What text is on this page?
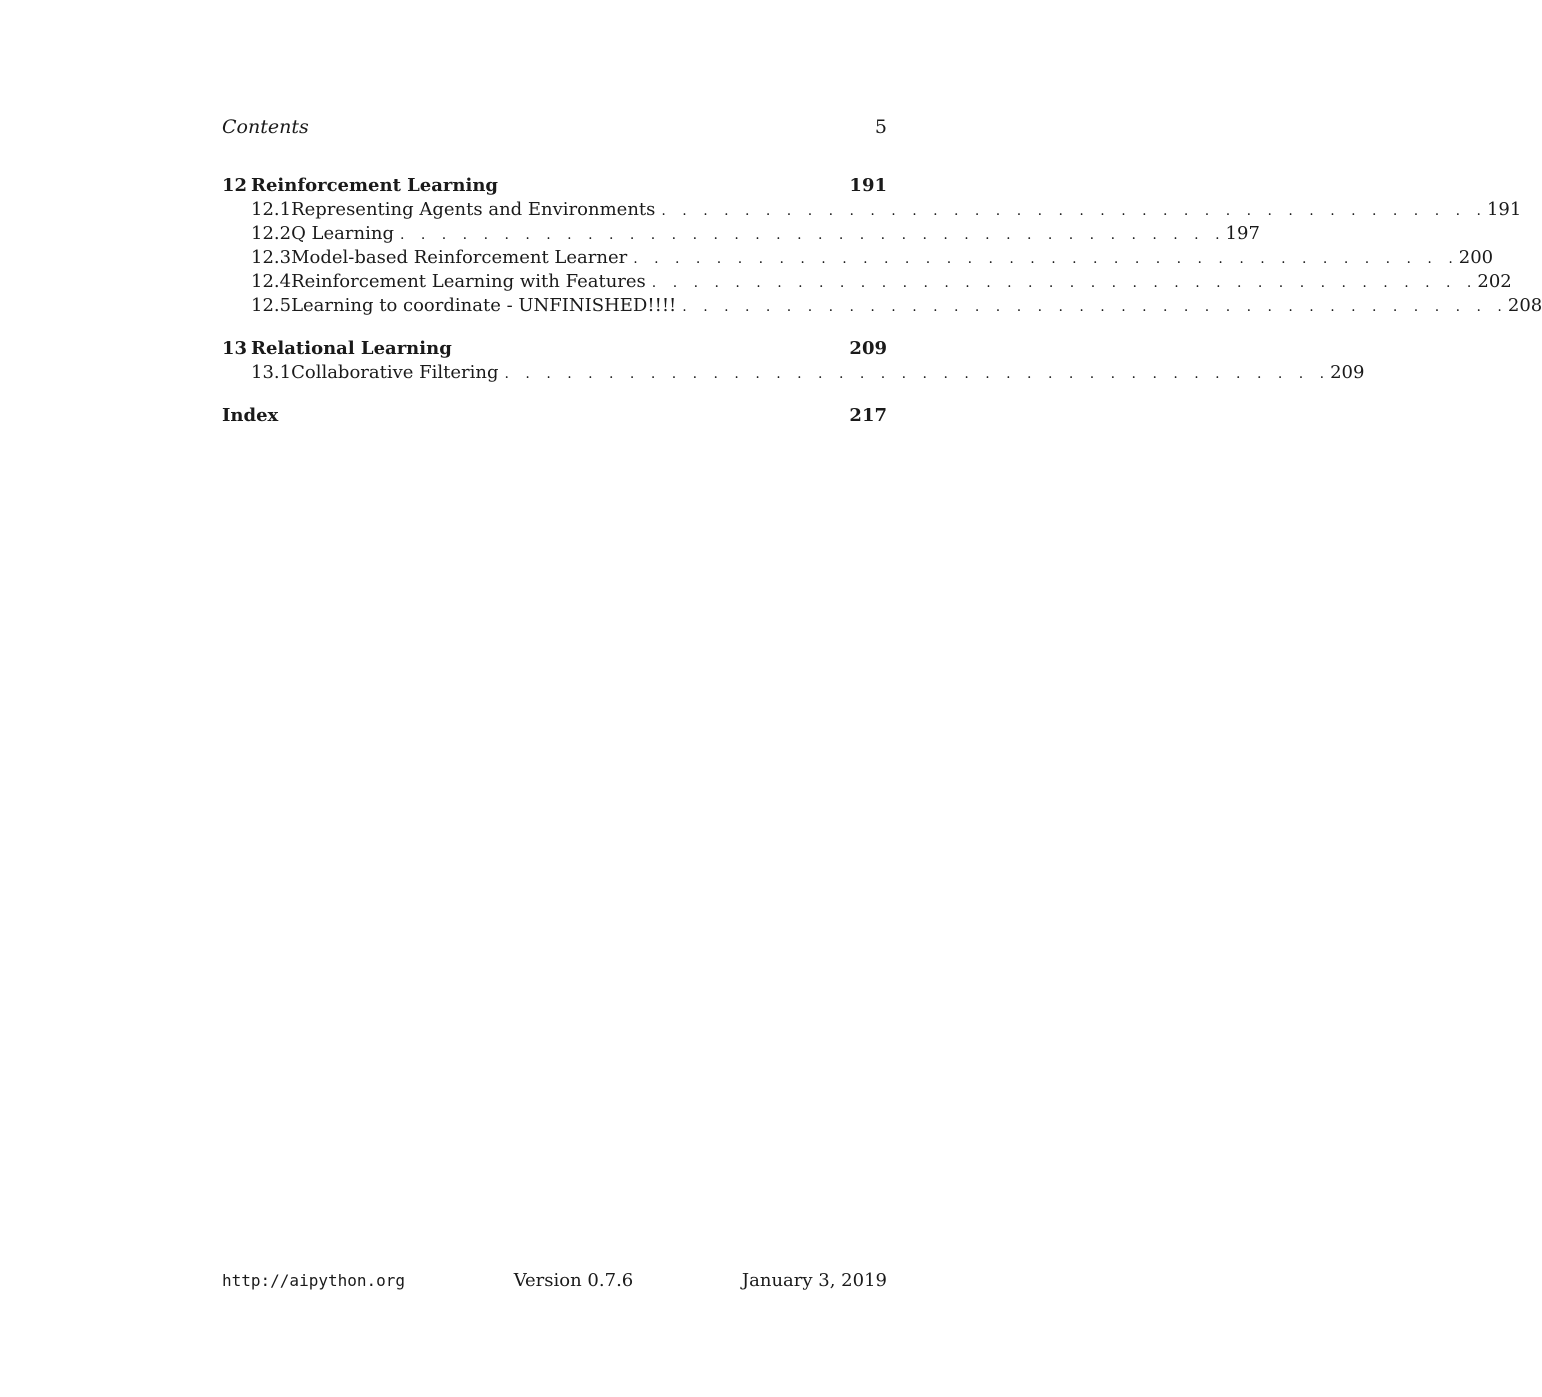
Contents	5
12 Reinforcement Learning	191
12.1 Representing Agents and Environments . . . . . . . . . . . . . . . . . . . . . . . . . . . . . . . . . . . . . . . . 191
12.2 Q Learning . . . . . . . . . . . . . . . . . . . . . . . . . . . . . . . . . . . . . . . . 197
12.3 Model-based Reinforcement Learner . . . . . . . . . . . . . . . . . . . . . . . . . . . . . . . . . . . . . . . . 200
12.4 Reinforcement Learning with Features . . . . . . . . . . . . . . . . . . . . . . . . . . . . . . . . . . . . . . . . 202
12.5 Learning to coordinate - UNFINISHED!!!! . . . . . . . . . . . . . . . . . . . . . . . . . . . . . . . . . . . . . . . . 208
13 Relational Learning	209
13.1 Collaborative Filtering . . . . . . . . . . . . . . . . . . . . . . . . . . . . . . . . . . . . . . . . 209
Index	217
http://aipython.org	Version 0.7.6	January 3, 2019
